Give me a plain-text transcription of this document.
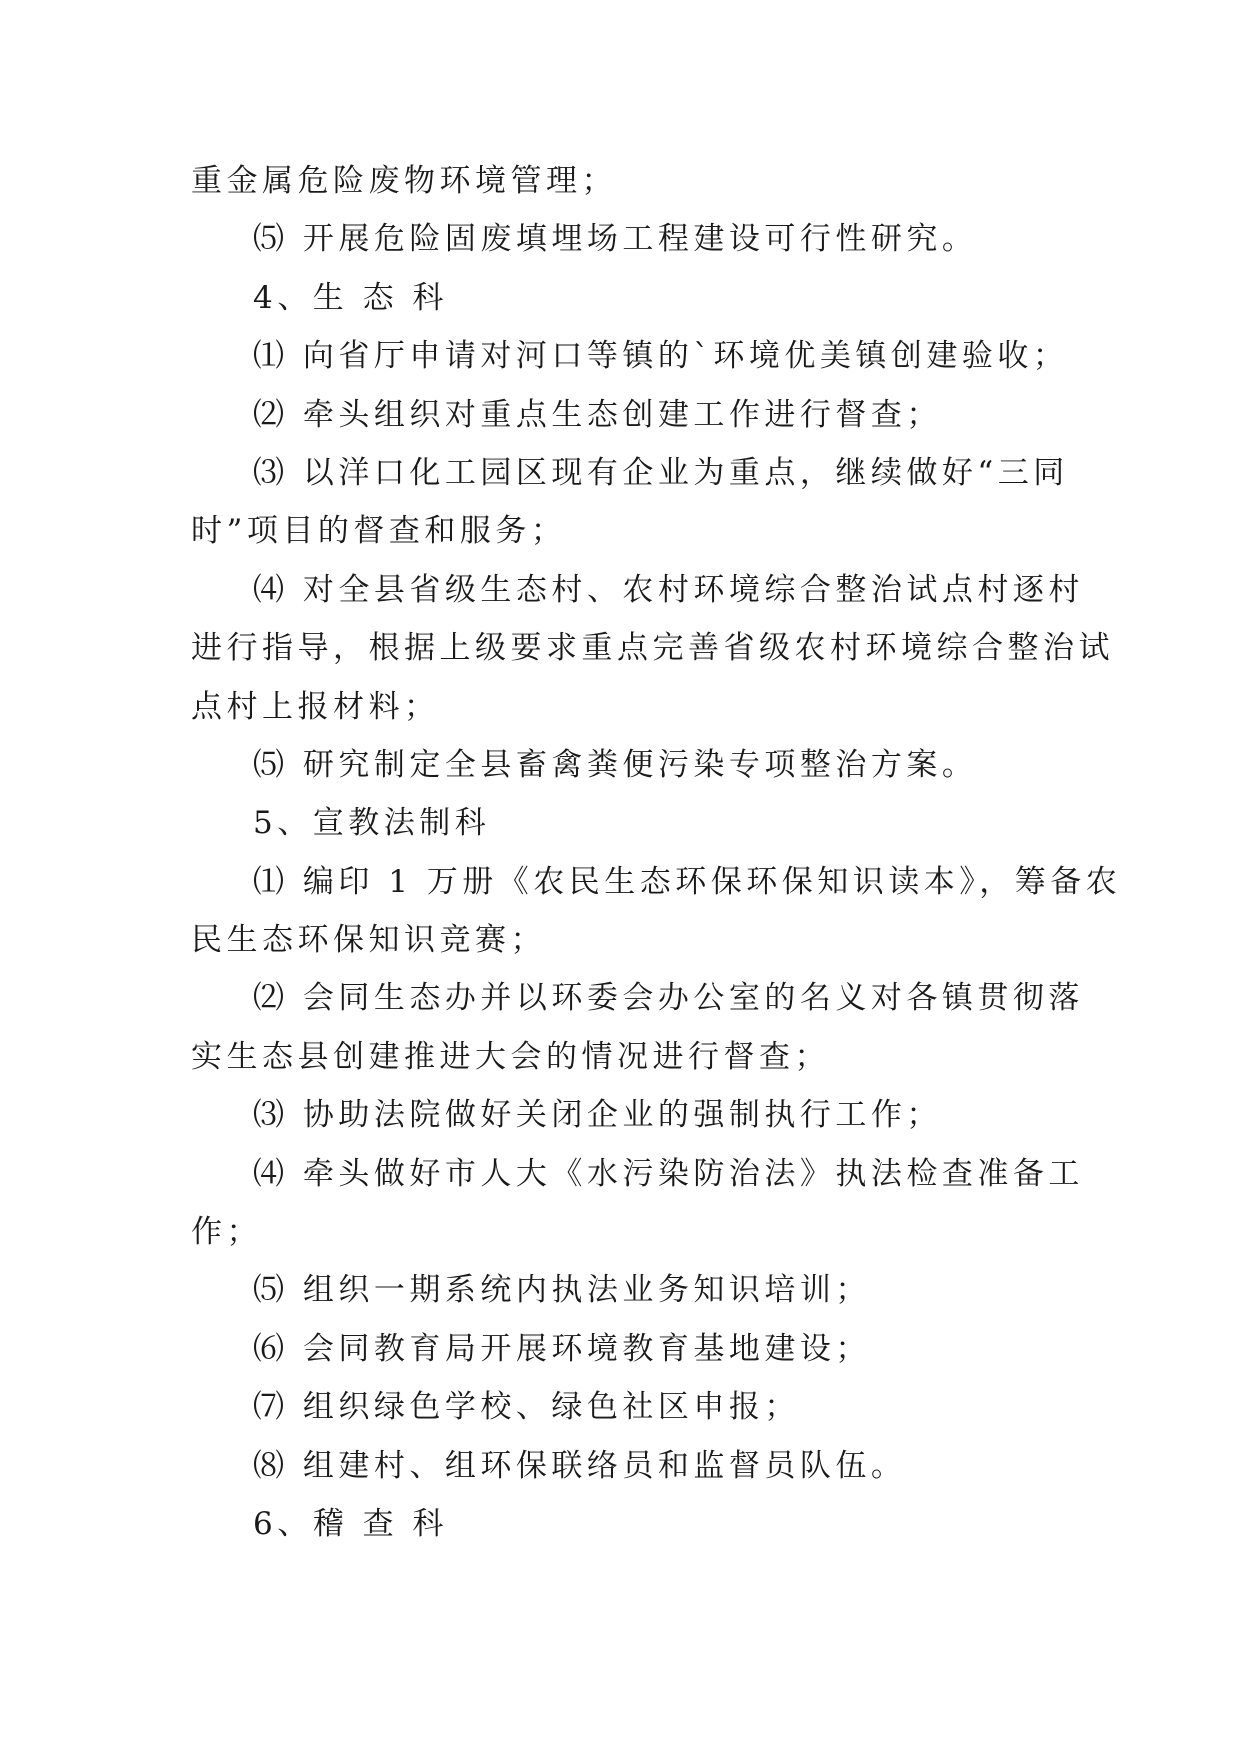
重金属危险废物环境管理；
⑸ 开展危险固废填埋场工程建设可行性研究。
4、生 态 科
⑴ 向省厅申请对河口等镇的`环境优美镇创建验收；
⑵ 牵头组织对重点生态创建工作进行督查；
⑶ 以洋口化工园区现有企业为重点，继续做好“三同
时”项目的督查和服务；
⑷ 对全县省级生态村、农村环境综合整治试点村逐村
进行指导，根据上级要求重点完善省级农村环境综合整治试
点村上报材料；
⑸ 研究制定全县畜禽粪便污染专项整治方案。
5、宣教法制科
⑴ 编印 1 万册《农民生态环保环保知识读本》，筹备农
民生态环保知识竞赛；
⑵ 会同生态办并以环委会办公室的名义对各镇贯彻落
实生态县创建推进大会的情况进行督查；
⑶ 协助法院做好关闭企业的强制执行工作；
⑷ 牵头做好市人大《水污染防治法》执法检查准备工
作；
⑸ 组织一期系统内执法业务知识培训；
⑹ 会同教育局开展环境教育基地建设；
⑺ 组织绿色学校、绿色社区申报；
⑻ 组建村、组环保联络员和监督员队伍。
6、稽 查 科
